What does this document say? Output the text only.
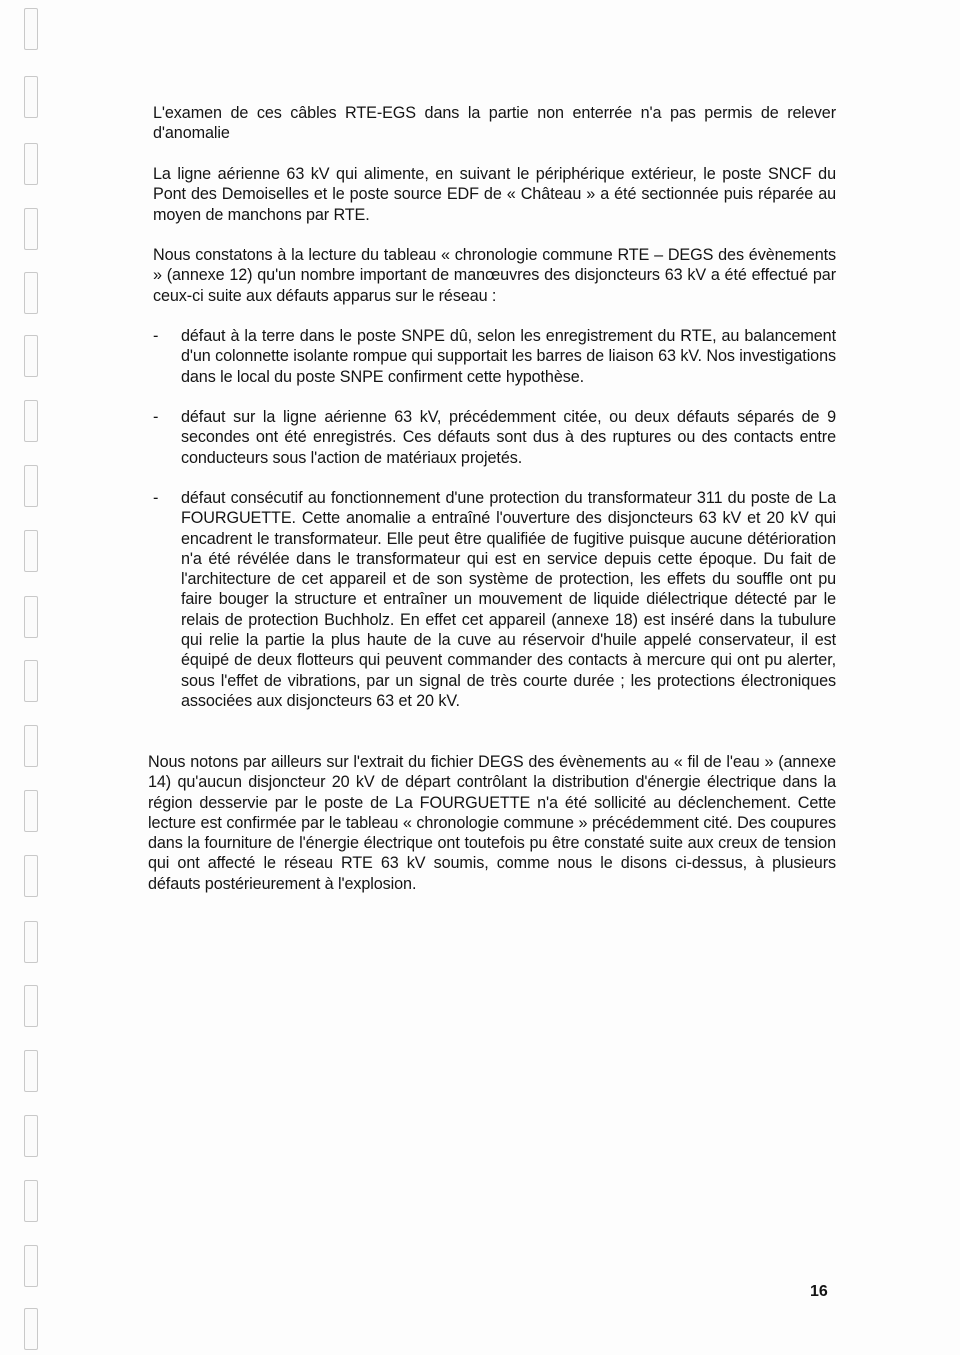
L'examen de ces câbles RTE-EGS dans la partie non enterrée n'a pas permis de relever d'anomalie

La ligne aérienne 63 kV qui alimente, en suivant le périphérique extérieur, le poste SNCF du Pont des Demoiselles et le poste source EDF de « Château » a été sectionnée puis réparée au moyen de manchons par RTE.

Nous constatons à la lecture du tableau « chronologie commune RTE – DEGS des évènements » (annexe 12) qu'un nombre important de manœuvres des disjoncteurs 63 kV a été effectué par ceux-ci suite aux défauts apparus sur le réseau :

-	défaut à la terre dans le poste SNPE dû, selon les enregistrement du RTE, au balancement d'un colonnette isolante rompue qui supportait les barres de liaison 63 kV. Nos investigations dans le local du poste SNPE confirment cette hypothèse.
-	défaut sur la ligne aérienne 63 kV, précédemment citée, ou deux défauts séparés de 9 secondes ont été enregistrés. Ces défauts sont dus à des ruptures ou des contacts entre conducteurs sous l'action de matériaux projetés.
-	défaut consécutif au fonctionnement d'une protection du transformateur 311 du poste de La FOURGUETTE. Cette anomalie a entraîné l'ouverture des disjoncteurs 63 kV et 20 kV qui encadrent le transformateur. Elle peut être qualifiée de fugitive puisque aucune détérioration n'a été révélée dans le transformateur qui est en service depuis cette époque. Du fait de l'architecture de cet appareil et de son système de protection, les effets du souffle ont pu faire bouger la structure et entraîner un mouvement de liquide diélectrique détecté par le relais de protection Buchholz. En effet cet appareil (annexe 18) est inséré dans la tubulure qui relie la partie la plus haute de la cuve au réservoir d'huile appelé conservateur, il est équipé de deux flotteurs qui peuvent commander des contacts à mercure qui ont pu alerter, sous l'effet de vibrations, par un signal de très courte durée ; les protections électroniques associées aux disjoncteurs 63 et 20 kV.

Nous notons par ailleurs sur l'extrait du fichier DEGS des évènements au « fil de l'eau » (annexe 14) qu'aucun disjoncteur 20 kV de départ contrôlant la distribution d'énergie électrique dans la région desservie par le poste de La FOURGUETTE n'a été sollicité au déclenchement. Cette lecture est confirmée par le tableau « chronologie commune » précédemment cité. Des coupures dans la fourniture de l'énergie électrique ont toutefois pu être constaté suite aux creux de tension qui ont affecté le réseau RTE 63 kV soumis, comme nous le disons ci-dessus, à plusieurs défauts postérieurement à l'explosion.

16
